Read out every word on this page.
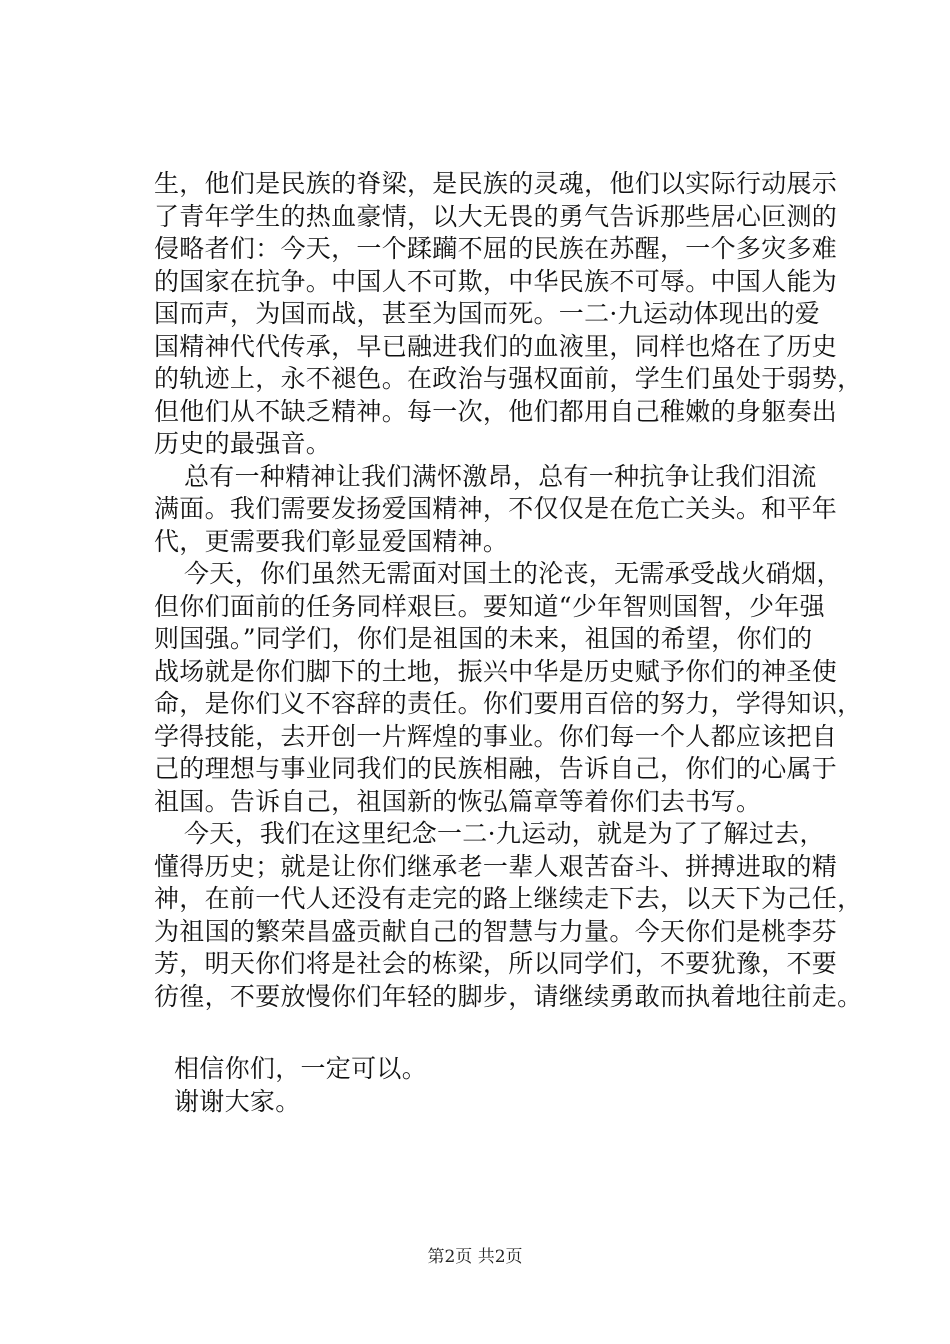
生，他们是民族的脊梁，是民族的灵魂，他们以实际行动展示
了青年学生的热血豪情，以大无畏的勇气告诉那些居心叵测的
侵略者们：今天，一个蹂躏不屈的民族在苏醒，一个多灾多难
的国家在抗争。中国人不可欺，中华民族不可辱。中国人能为
国而声，为国而战，甚至为国而死。一二·九运动体现出的爱
国精神代代传承，早已融进我们的血液里，同样也烙在了历史
的轨迹上，永不褪色。在政治与强权面前，学生们虽处于弱势，
但他们从不缺乏精神。每一次，他们都用自己稚嫩的身躯奏出
历史的最强音。
总有一种精神让我们满怀激昂，总有一种抗争让我们泪流
满面。我们需要发扬爱国精神，不仅仅是在危亡关头。和平年
代，更需要我们彰显爱国精神。
今天，你们虽然无需面对国土的沦丧，无需承受战火硝烟，
但你们面前的任务同样艰巨。要知道“少年智则国智，少年强
则国强。”同学们，你们是祖国的未来，祖国的希望，你们的
战场就是你们脚下的土地，振兴中华是历史赋予你们的神圣使
命，是你们义不容辞的责任。你们要用百倍的努力，学得知识，
学得技能，去开创一片辉煌的事业。你们每一个人都应该把自
己的理想与事业同我们的民族相融，告诉自己，你们的心属于
祖国。告诉自己，祖国新的恢弘篇章等着你们去书写。
今天，我们在这里纪念一二·九运动，就是为了了解过去，
懂得历史；就是让你们继承老一辈人艰苦奋斗、拼搏进取的精
神，在前一代人还没有走完的路上继续走下去，以天下为己任，
为祖国的繁荣昌盛贡献自己的智慧与力量。今天你们是桃李芬
芳，明天你们将是社会的栋梁，所以同学们，不要犹豫，不要
彷徨，不要放慢你们年轻的脚步，请继续勇敢而执着地往前走。
相信你们，一定可以。
谢谢大家。
第2页 共2页
